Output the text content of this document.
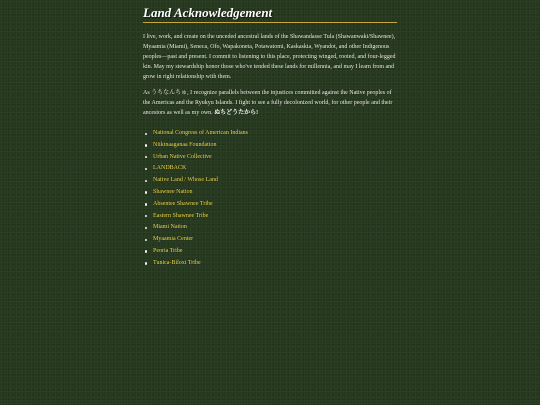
Land Acknowledgement

I live, work, and create on the unceded ancestral lands of the Shawandasse Tula (Shawanwaki/Shawnee), Myaamia (Miami), Seneca, Ofo, Wapakoneta, Potawatomi, Kaskaskia, Wyandot, and other Indigenous peoples—past and present. I commit to listening to this place, protecting winged, rooted, and four-legged kin. May my stewardship honor those who've tended these lands for millennia, and may I learn from and grow in right relationship with them.

As うちなんちゅ, I recognize parallels between the injustices committed against the Native peoples of the Americas and the Ryukyu Islands. I fight to see a fully decolonized world, for other people and their ancestors as well as my own. ぬちどうたから!

National Congress of American Indians
Niikinaaganaa Foundation
Urban Native Collective
LANDBACK
Native Land / Whose Land
Shawnee Nation
Absentee Shawnee Tribe
Eastern Shawnee Tribe
Miami Nation
Myaamia Center
Peoria Tribe
Tunica-Biloxi Tribe
